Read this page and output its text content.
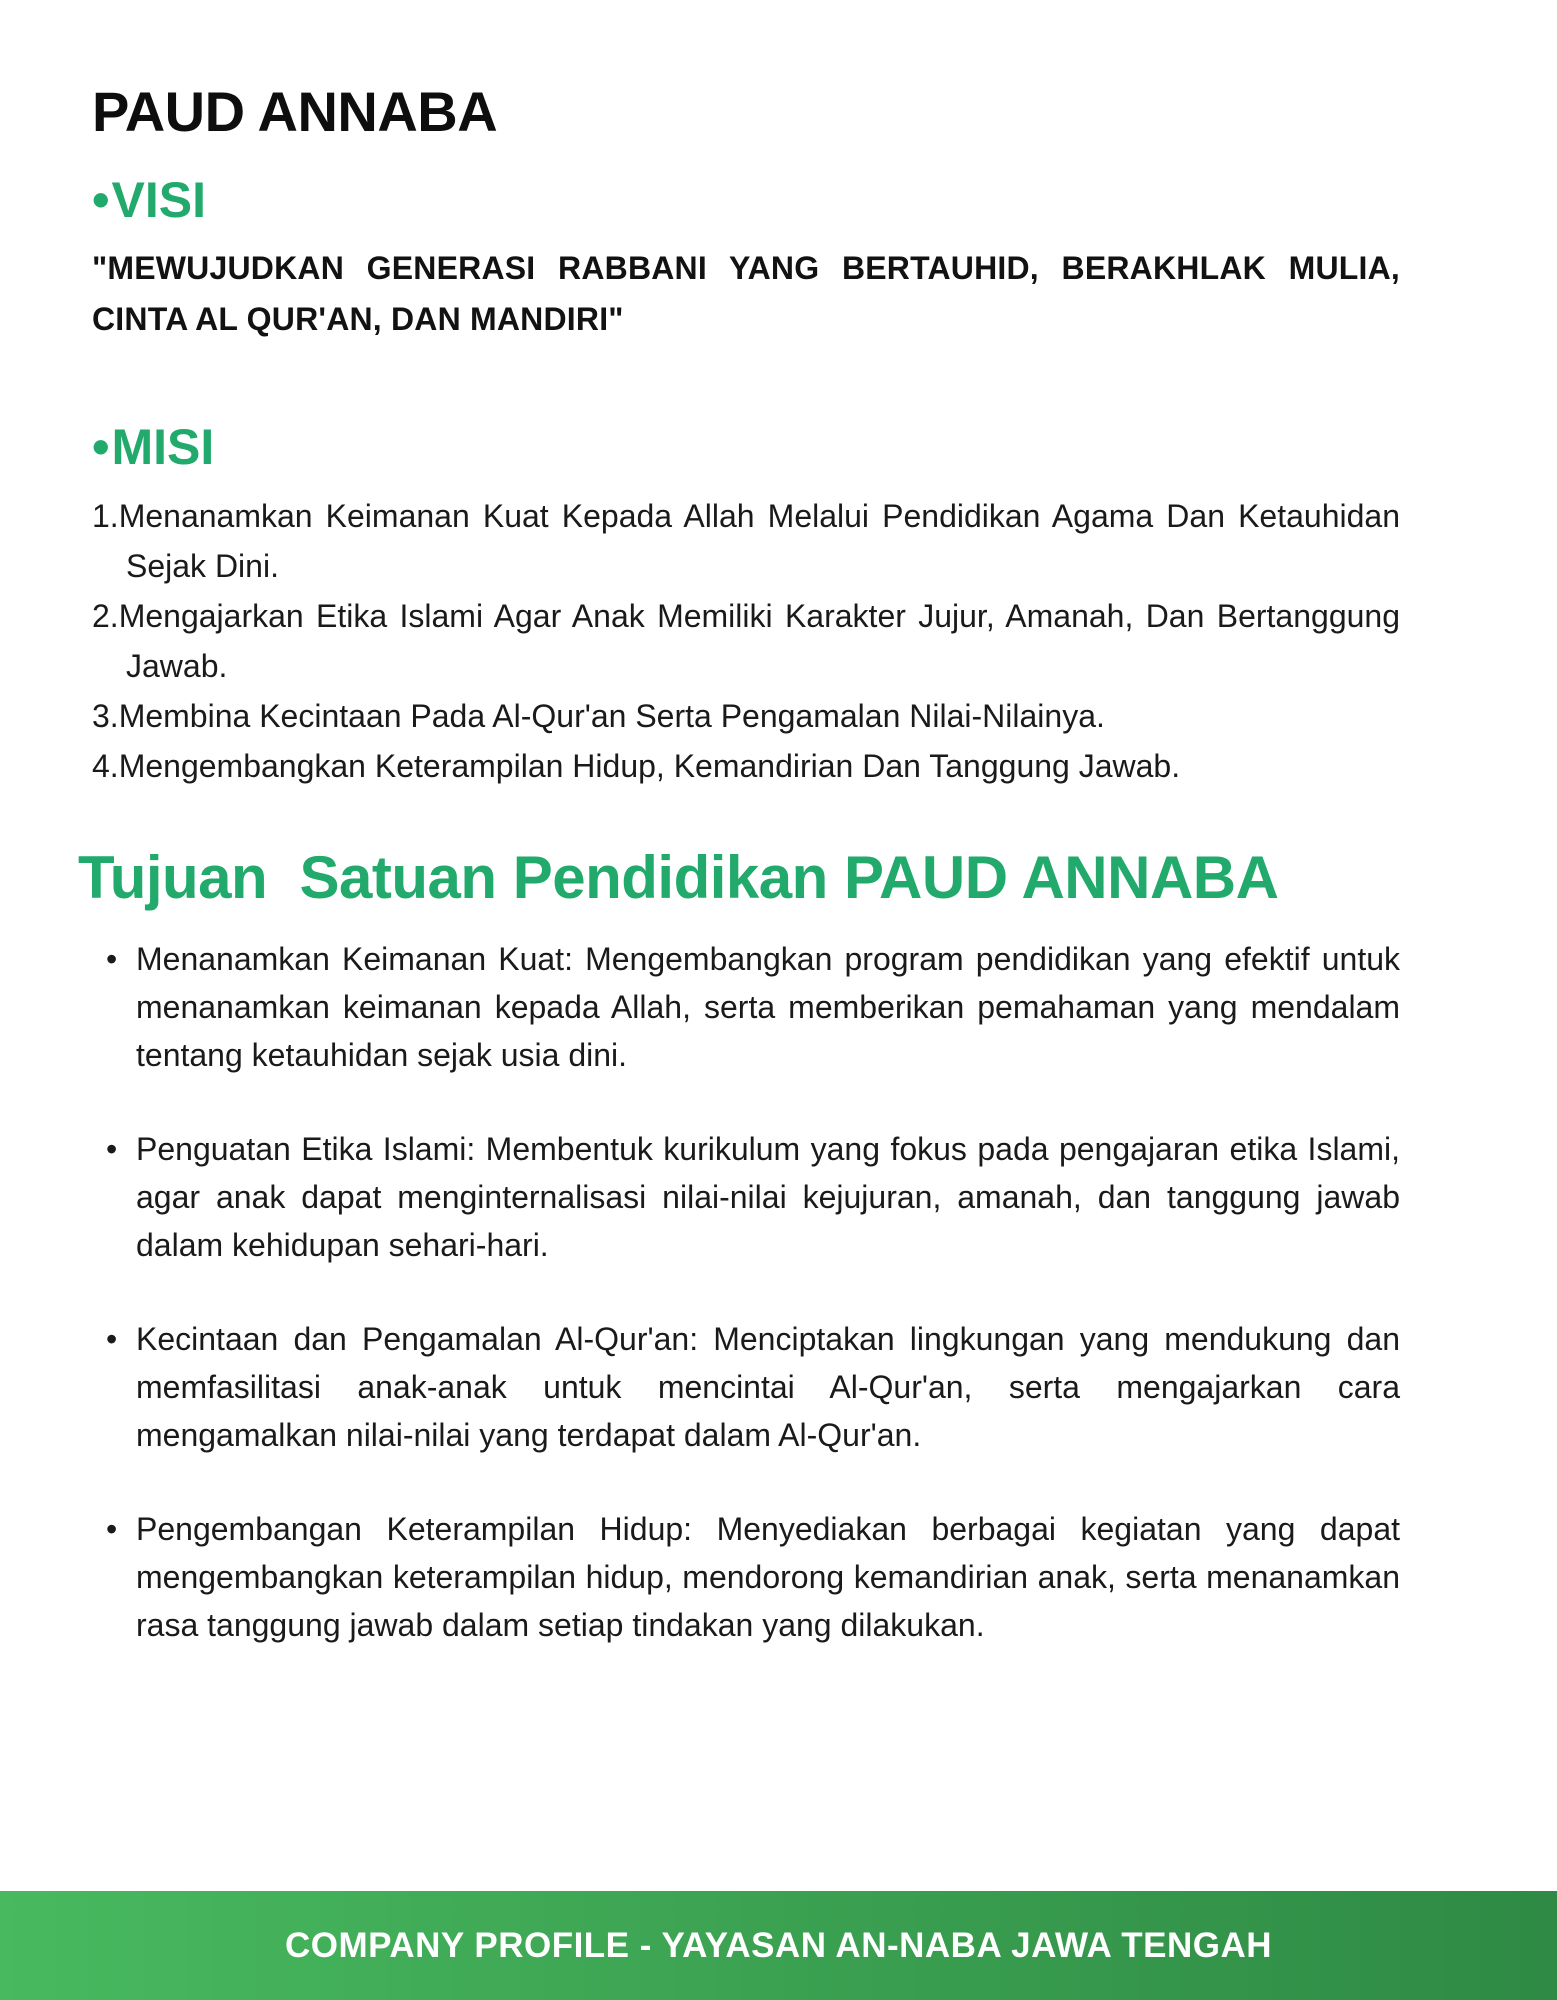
PAUD ANNABA
•VISI

"MEWUJUDKAN GENERASI RABBANI YANG BERTAUHID, BERAKHLAK MULIA, CINTA AL QUR'AN, DAN MANDIRI"

•MISI
1.Menanamkan Keimanan Kuat Kepada Allah Melalui Pendidikan Agama Dan Ketauhidan Sejak Dini.
2.Mengajarkan Etika Islami Agar Anak Memiliki Karakter Jujur, Amanah, Dan Bertanggung Jawab.
3.Membina Kecintaan Pada Al-Qur'an Serta Pengamalan Nilai-Nilainya.
4.Mengembangkan Keterampilan Hidup, Kemandirian Dan Tanggung Jawab.
Tujuan  Satuan Pendidikan PAUD ANNABA
• Menanamkan Keimanan Kuat: Mengembangkan program pendidikan yang efektif untuk menanamkan keimanan kepada Allah, serta memberikan pemahaman yang mendalam tentang ketauhidan sejak usia dini.
• Penguatan Etika Islami: Membentuk kurikulum yang fokus pada pengajaran etika Islami, agar anak dapat menginternalisasi nilai-nilai kejujuran, amanah, dan tanggung jawab dalam kehidupan sehari-hari.
• Kecintaan dan Pengamalan Al-Qur'an: Menciptakan lingkungan yang mendukung dan memfasilitasi anak-anak untuk mencintai Al-Qur'an, serta mengajarkan cara mengamalkan nilai-nilai yang terdapat dalam Al-Qur'an.
• Pengembangan Keterampilan Hidup: Menyediakan berbagai kegiatan yang dapat mengembangkan keterampilan hidup, mendorong kemandirian anak, serta menanamkan rasa tanggung jawab dalam setiap tindakan yang dilakukan.
COMPANY PROFILE - YAYASAN AN-NABA JAWA TENGAH
